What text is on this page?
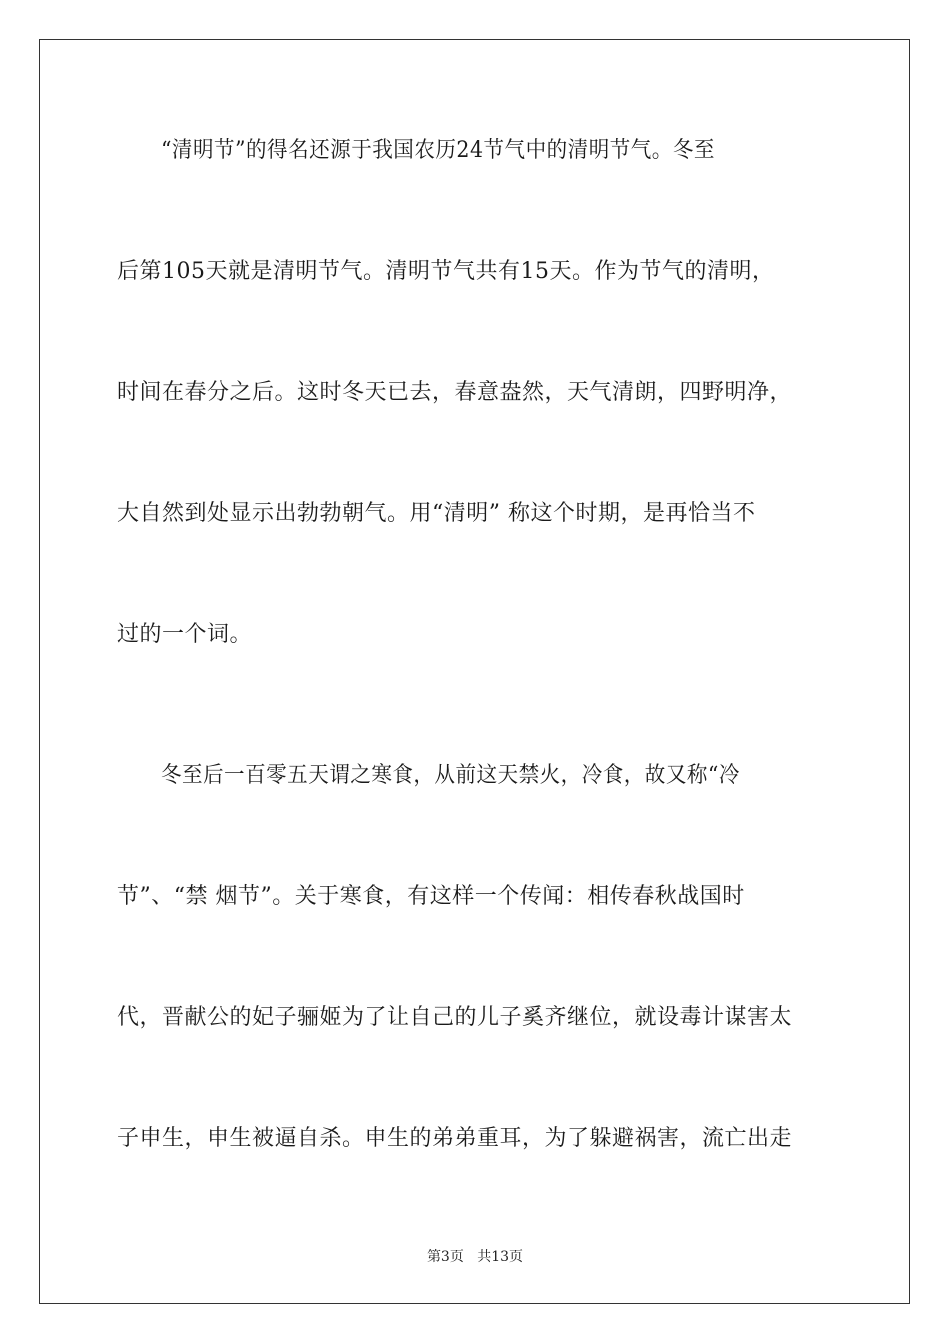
“清明节”的得名还源于我国农历24节气中的清明节气。冬至
后第105天就是清明节气。清明节气共有15天。作为节气的清明，
时间在春分之后。这时冬天已去，春意盎然，天气清朗，四野明净，
大自然到处显示出勃勃朝气。用“清明” 称这个时期，是再恰当不
过的一个词。
冬至后一百零五天谓之寒食，从前这天禁火，冷食，故又称“冷
节”、“禁 烟节”。关于寒食，有这样一个传闻：相传春秋战国时
代，晋献公的妃子骊姬为了让自己的儿子奚齐继位，就设毒计谋害太
子申生，申生被逼自杀。申生的弟弟重耳，为了躲避祸害，流亡出走
第3页 共13页
